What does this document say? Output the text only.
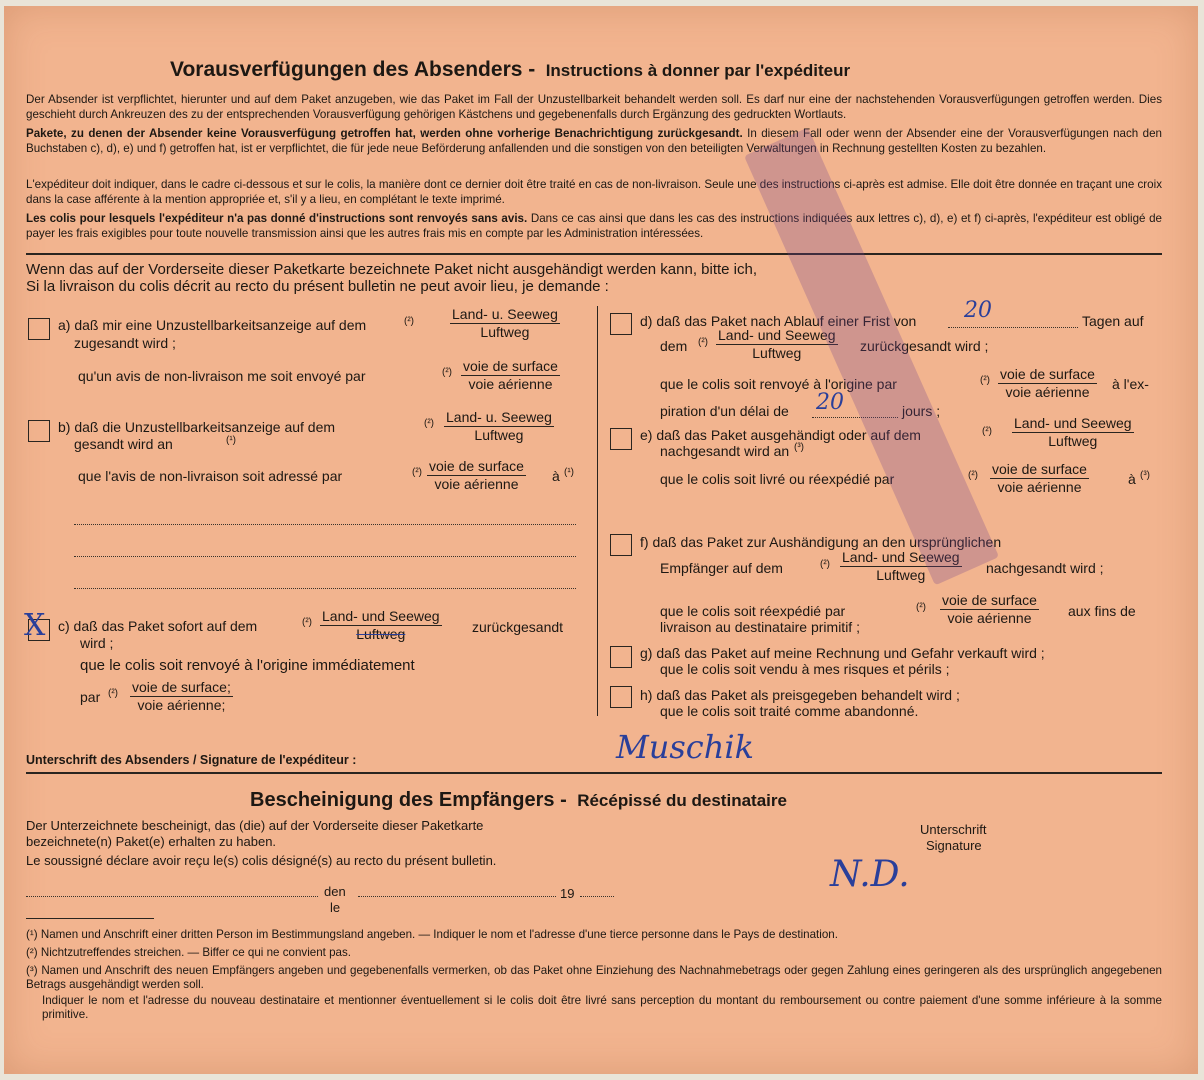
Vorausverfügungen des Absenders - Instructions à donner par l'expéditeur
Der Absender ist verpflichtet, hierunter und auf dem Paket anzugeben, wie das Paket im Fall der Unzustellbarkeit behandelt werden soll. Es darf nur eine der nachstehenden Vorausverfügungen getroffen werden. Dies geschieht durch Ankreuzen des zu der entsprechenden Vorausverfügung gehörigen Kästchens und gegebenenfalls durch Ergänzung des gedruckten Wortlauts.
Pakete, zu denen der Absender keine Vorausverfügung getroffen hat, werden ohne vorherige Benachrichtigung zurückgesandt. In diesem Fall oder wenn der Absender eine der Vorausverfügungen nach den Buchstaben c), d), e) und f) getroffen hat, ist er verpflichtet, die für jede neue Beförderung anfallenden und die sonstigen von den beteiligten Verwaltungen in Rechnung gestellten Kosten zu bezahlen.
L'expéditeur doit indiquer, dans le cadre ci-dessous et sur le colis, la manière dont ce dernier doit être traité en cas de non-livraison. Seule une des instructions ci-après est admise. Elle doit être donnée en traçant une croix dans la case afférente à la mention appropriée et, s'il y a lieu, en complétant le texte imprimé.
Les colis pour lesquels l'expéditeur n'a pas donné d'instructions sont renvoyés sans avis. Dans ce cas ainsi que dans les cas des instructions indiquées aux lettres c), d), e) et f) ci-après, l'expéditeur est obligé de payer les frais exigibles pour toute nouvelle transmission ainsi que les autres frais mis en compte par les Administration intéressées.
Wenn das auf der Vorderseite dieser Paketkarte bezeichnete Paket nicht ausgehändigt werden kann, bitte ich,
Si la livraison du colis décrit au recto du présent bulletin ne peut avoir lieu, je demande :
a) daß mir eine Unzustellbarkeitsanzeige auf dem	(²)	Land- u. Seeweg
Luftweg
zugesandt wird ;
qu'un avis de non-livraison me soit envoyé par	(²) voie de surface
voie aérienne
b) daß die Unzustellbarkeitsanzeige auf dem	(²) Land- u. Seeweg
Luftweg
gesandt wird an	(¹)
que l'avis de non-livraison soit adressé par	(²) voie de surface
voie aérienne à (¹)
X c) daß das Paket sofort auf dem	(²) Land- und Seeweg
Luftweg	zurückgesandt
wird ;
que le colis soit renvoyé à l'origine immédiatement
par (²) voie de surface;
voie aérienne;
d) daß das Paket nach Ablauf einer Frist von 20	Tagen auf
dem (²) Land- und Seeweg
Luftweg	zurückgesandt wird ;
que le colis soit renvoyé à l'origine par	(²) voie de surface
voie aérienne à l'ex-
piration d'un délai de 20	jours ;
e) daß das Paket ausgehändigt oder auf dem	(²)
Land- und Seeweg
Luftweg
nachgesandt wird an (³)
que le colis soit livré ou réexpédié par	(²) voie de surface
voie aérienne	à (³)
f) daß das Paket zur Aushändigung an den ursprünglichen
Empfänger auf dem	(²) Land- und Seeweg
Luftweg	nachgesandt wird ;
que le colis soit réexpédié par	(²) voie de surface
voie aérienne	aux fins de
livraison au destinataire primitif ;
g) daß das Paket auf meine Rechnung und Gefahr verkauft wird ;
que le colis soit vendu à mes risques et périls ;
h) daß das Paket als preisgegeben behandelt wird ;
que le colis soit traité comme abandonné.
Unterschrift des Absenders / Signature de l'expéditeur :	Muschik
Bescheinigung des Empfängers - Récépissé du destinataire
Der Unterzeichnete bescheinigt, das (die) auf der Vorderseite dieser Paketkarte
bezeichnete(n) Paket(e) erhalten zu haben.
Le soussigné déclare avoir reçu le(s) colis désigné(s) au recto du présent bulletin.
Unterschrift
Signature
N.D.
den
le
19
(¹) Namen und Anschrift einer dritten Person im Bestimmungsland angeben. — Indiquer le nom et l'adresse d'une tierce personne dans le Pays de destination.
(²) Nichtzutreffendes streichen. — Biffer ce qui ne convient pas.
(³) Namen und Anschrift des neuen Empfängers angeben und gegebenenfalls vermerken, ob das Paket ohne Einziehung des Nachnahmebetrags oder gegen Zahlung eines geringeren als des ursprünglich angegebenen Betrags ausgehändigt werden soll.
Indiquer le nom et l'adresse du nouveau destinataire et mentionner éventuellement si le colis doit être livré sans perception du montant du remboursement ou contre paiement d'une somme inférieure à la somme primitive.
